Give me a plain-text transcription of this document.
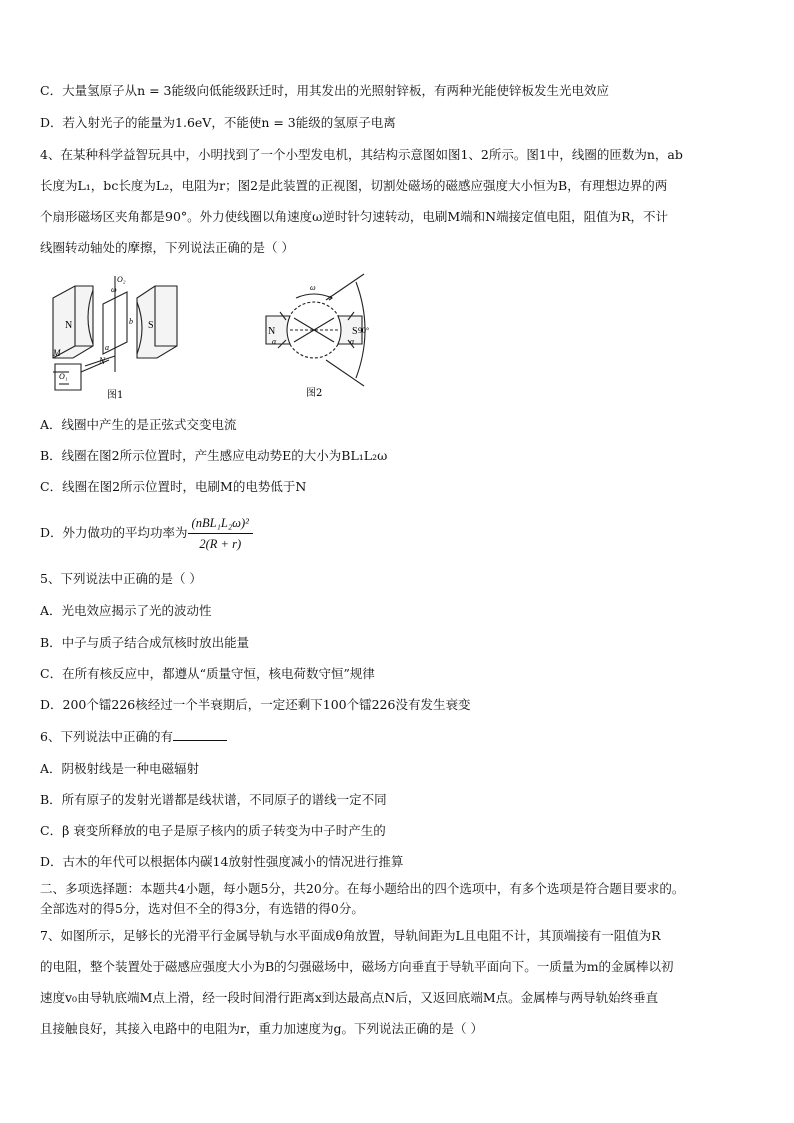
C．大量氢原子从n = 3能级向低能级跃迁时，用其发出的光照射锌板，有两种光能使锌板发生光电效应
D．若入射光子的能量为1.6eV，不能使n = 3能级的氢原子电离
4、在某种科学益智玩具中，小明找到了一个小型发电机，其结构示意图如图1、2所示。图1中，线圈的匝数为n，ab
长度为L₁，bc长度为L₂，电阻为r；图2是此装置的正视图，切割处磁场的磁感应强度大小恒为B，有理想边界的两
个扇形磁场区夹角都是90°。外力使线圈以角速度ω逆时针匀速转动，电刷M端和N端接定值电阻，阻值为R，不计
线圈转动轴处的摩擦，下列说法正确的是（ ）
N	S
O₂
ω
b
a
M
N
O₁
图1
N	S
α	α
ω
90°
图2
A．线圈中产生的是正弦式交变电流
B．线圈在图2所示位置时，产生感应电动势E的大小为BL₁L₂ω
C．线圈在图2所示位置时，电刷M的电势低于N
D．外力做功的平均功率为 $\frac{\text{(nBL₁L₂ω)²}}{2(R + r)}$
5、下列说法中正确的是（ ）
A．光电效应揭示了光的波动性
B．中子与质子结合成氘核时放出能量
C．在所有核反应中，都遵从“质量守恒，核电荷数守恒”规律
D．200个镭226核经过一个半衰期后，一定还剩下100个镭226没有发生衰变
6、下列说法中正确的有
A．阴极射线是一种电磁辐射
B．所有原子的发射光谱都是线状谱，不同原子的谱线一定不同
C．β 衰变所释放的电子是原子核内的质子转变为中子时产生的
D．古木的年代可以根据体内碳14放射性强度减小的情况进行推算
二、多项选择题：本题共4小题，每小题5分，共20分。在每小题给出的四个选项中，有多个选项是符合题目要求的。
全部选对的得5分，选对但不全的得3分，有选错的得0分。
7、如图所示，足够长的光滑平行金属导轨与水平面成θ角放置，导轨间距为L且电阻不计，其顶端接有一阻值为R
的电阻，整个装置处于磁感应强度大小为B的匀强磁场中，磁场方向垂直于导轨平面向下。一质量为m的金属棒以初
速度v₀由导轨底端M点上滑，经一段时间滑行距离x到达最高点N后，又返回底端M点。金属棒与两导轨始终垂直
且接触良好，其接入电路中的电阻为r，重力加速度为g。下列说法正确的是（ ）
